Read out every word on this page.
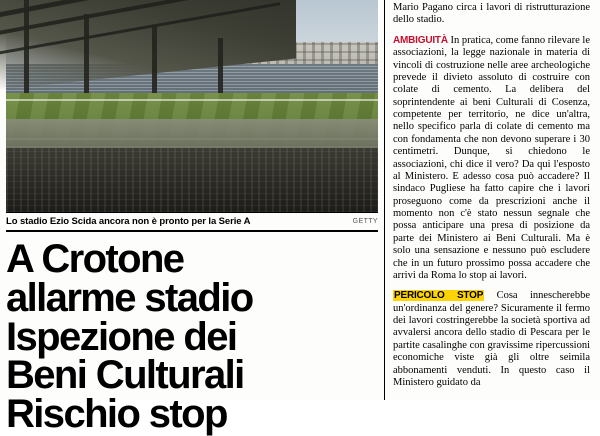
Lo stadio Ezio Scida ancora non è pronto per la Serie A	GETTY
A Crotone
allarme stadio
Ispezione dei
Beni Culturali
Rischio stop

Mario Pagano circa i lavori di ristrutturazione dello stadio.

AMBIGUITÀ In pratica, come fanno rilevare le associazioni, la legge nazionale in materia di vincoli di costruzione nelle aree archeologiche prevede il divieto assoluto di costruire con colate di cemento. La delibera del soprintendente ai beni Culturali di Cosenza, competente per territorio, ne dice un'altra, nello specifico parla di colate di cemento ma con fondamenta che non devono superare i 30 centimetri. Dunque, si chiedono le associazioni, chi dice il vero? Da qui l'esposto al Ministero. E adesso cosa può accadere? Il sindaco Pugliese ha fatto capire che i lavori proseguono come da prescrizioni anche il momento non c'è stato nessun segnale che possa anticipare una presa di posizione da parte dei Ministero ai Beni Culturali. Ma è solo una sensazione e nessuno può escludere che in un futuro prossimo possa accadere che arrivi da Roma lo stop ai lavori.

PERICOLO STOP Cosa innescherebbe un'ordinanza del genere? Sicuramente il fermo dei lavori costringerebbe la società sportiva ad avvalersi ancora dello stadio di Pescara per le partite casalinghe con gravissime ripercussioni economiche viste già gli oltre seimila abbonamenti venduti. In questo caso il Ministero guidato da
